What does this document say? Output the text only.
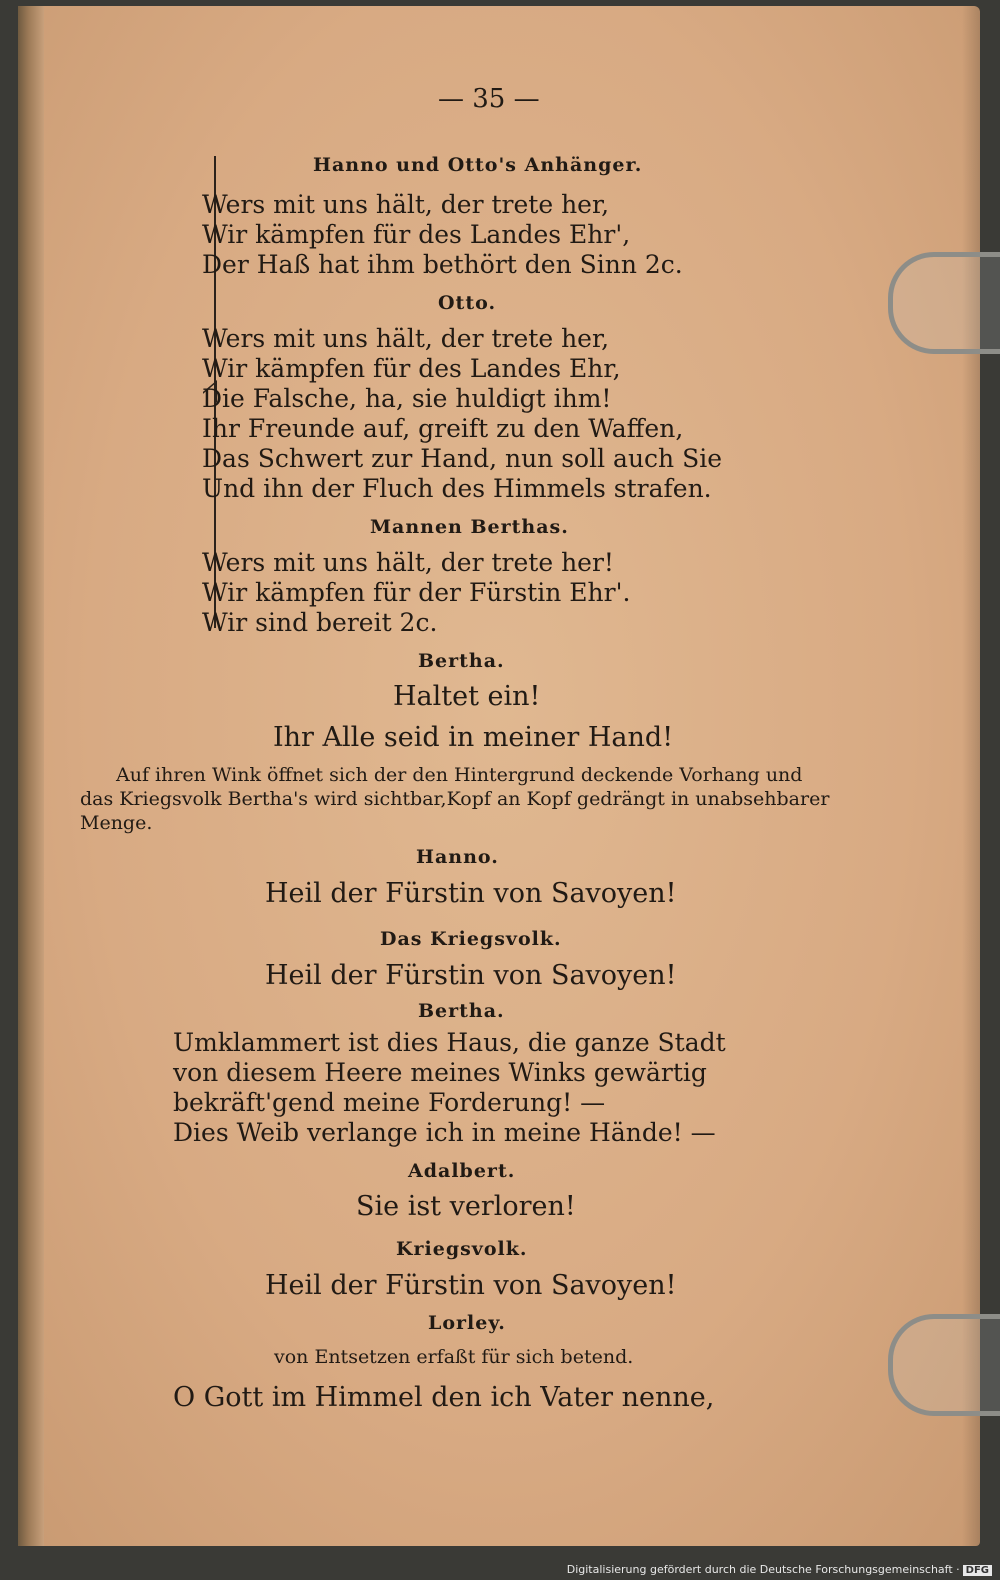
— 35 —
Hanno und Otto's Anhänger.
Wers mit uns hält, der trete her,
Wir kämpfen für des Landes Ehr',
Der Haß hat ihm bethört den Sinn 2c.
Otto.
Wers mit uns hält, der trete her,
Wir kämpfen für des Landes Ehr,
Die Falsche, ha, sie huldigt ihm!
Ihr Freunde auf, greift zu den Waffen,
Das Schwert zur Hand, nun soll auch Sie
Und ihn der Fluch des Himmels strafen.
Mannen Berthas.
Wers mit uns hält, der trete her!
Wir kämpfen für der Fürstin Ehr'.
Wir sind bereit 2c.
Bertha.
Haltet ein!
Ihr Alle seid in meiner Hand!
Auf ihren Wink öffnet sich der den Hintergrund deckende Vorhang und
das Kriegsvolk Bertha's wird sichtbar,Kopf an Kopf gedrängt in unabsehbarer
Menge.
Hanno.
Heil der Fürstin von Savoyen!
Das Kriegsvolk.
Heil der Fürstin von Savoyen!
Bertha.
Umklammert ist dies Haus, die ganze Stadt
von diesem Heere meines Winks gewärtig
bekräft'gend meine Forderung! —
Dies Weib verlange ich in meine Hände! —
Adalbert.
Sie ist verloren!
Kriegsvolk.
Heil der Fürstin von Savoyen!
Lorley.
von Entsetzen erfaßt für sich betend.
O Gott im Himmel den ich Vater nenne,
Digitalisierung gefördert durch die Deutsche Forschungsgemeinschaft · DFG
